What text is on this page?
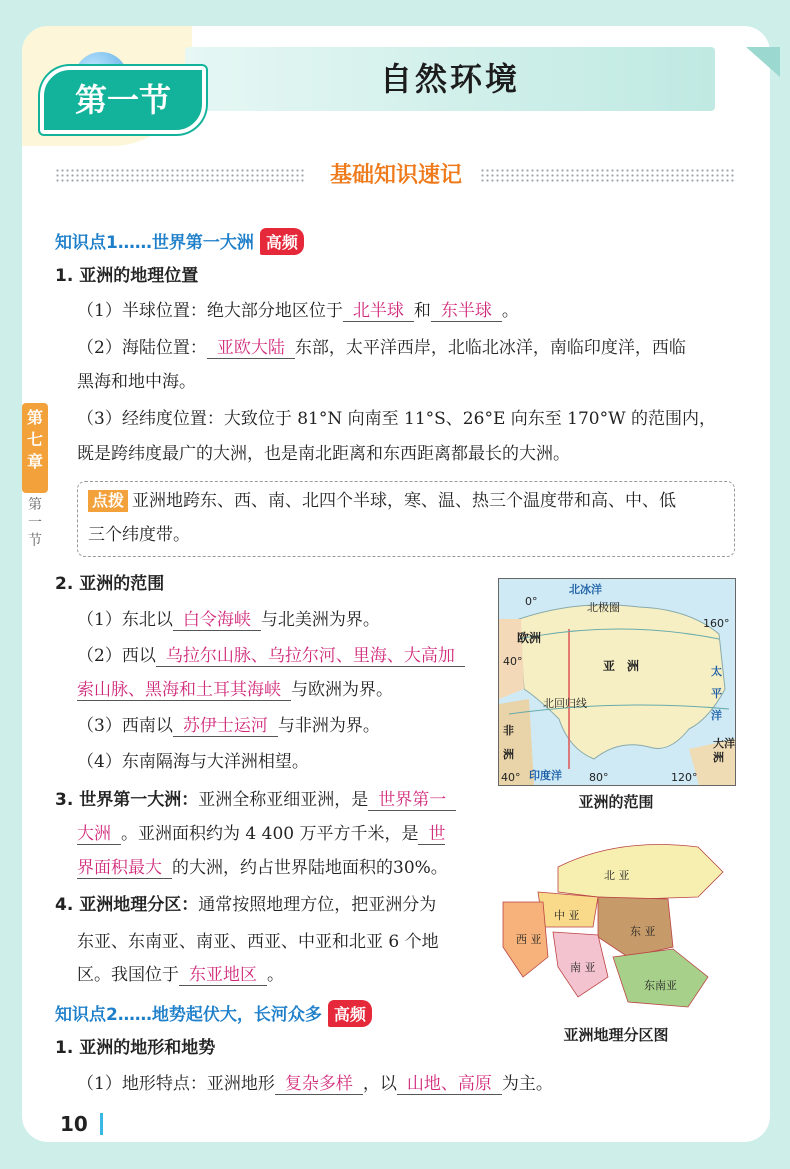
自然环境
第一节
基础知识速记
知识点1……世界第一大洲 高频
1. 亚洲的地理位置
（1）半球位置：绝大部分地区位于 北半球 和 东半球 。
（2）海陆位置： 亚欧大陆 东部，太平洋西岸，北临北冰洋，南临印度洋，西临
黑海和地中海。
（3）经纬度位置：大致位于 81°N 向南至 11°S、26°E 向东至 170°W 的范围内，
既是跨纬度最广的大洲，也是南北距离和东西距离都最长的大洲。
第
七
章
第
一
节
点拨 亚洲地跨东、西、南、北四个半球，寒、温、热三个温度带和高、中、低
三个纬度带。
2. 亚洲的范围
（1）东北以 白令海峡 与北美洲为界。
（2）西以 乌拉尔山脉、乌拉尔河、里海、大高加
索山脉、黑海和土耳其海峡 与欧洲为界。
（3）西南以 苏伊士运河 与非洲为界。
（4）东南隔海与大洋洲相望。
3. 世界第一大洲：亚洲全称亚细亚洲，是 世界第一
大洲 。亚洲面积约为 4 400 万平方千米，是 世
界面积最大 的大洲，约占世界陆地面积的30%。
4. 亚洲地理分区：通常按照地理方位，把亚洲分为
东亚、东南亚、南亚、西亚、中亚和北亚 6 个地
区。我国位于 东亚地区 。
知识点2……地势起伏大，长河众多 高频
1. 亚洲的地形和地势
（1）地形特点：亚洲地形 复杂多样 ，以 山地、高原 为主。
北冰洋
北极圈
0°
160°
欧洲
40°	亚　洲
北回归线
太平洋
非洲
大洋洲
印度洋
40°	80°	120°
亚洲的范围
北 亚
中 亚
西 亚
东 亚
南 亚
东南亚
亚洲地理分区图
10
